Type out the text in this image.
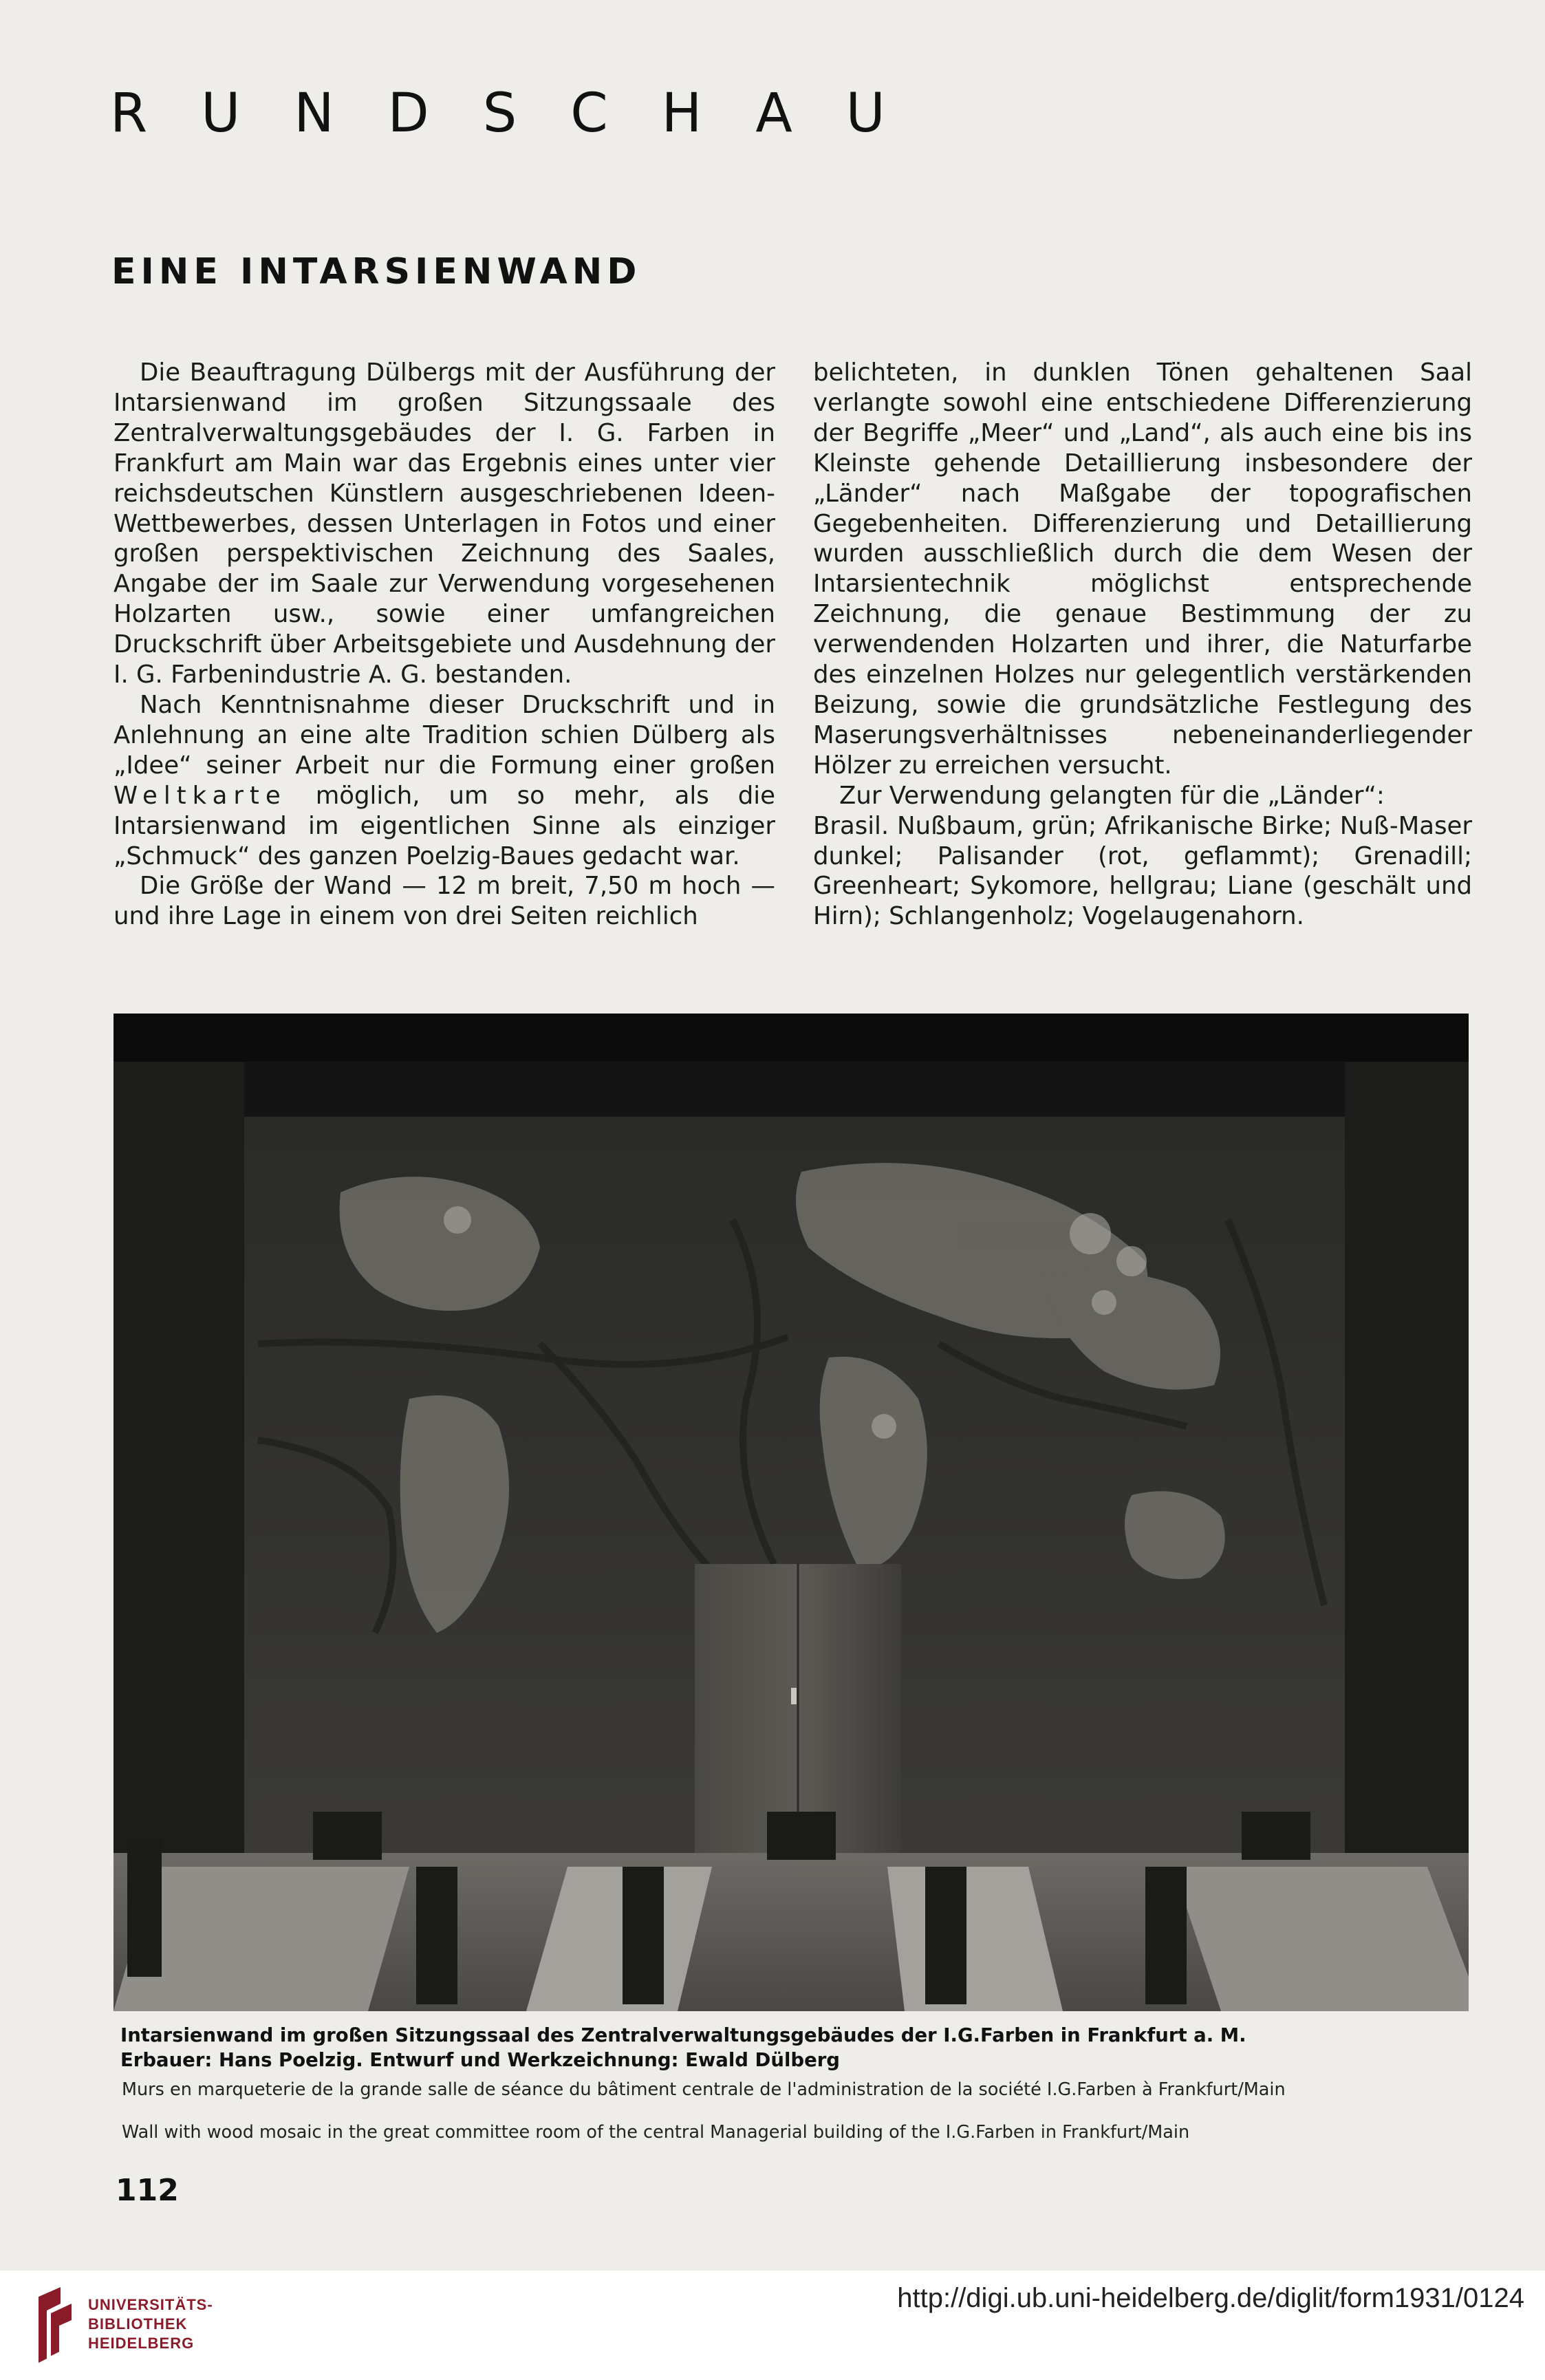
RUNDSCHAU
EINE INTARSIENWAND

Die Beauftragung Dülbergs mit der Ausführung der Intarsienwand im großen Sitzungssaale des Zentralverwaltungsgebäudes der I. G. Farben in Frankfurt am Main war das Ergebnis eines unter vier reichsdeutschen Künstlern ausgeschriebenen Ideen-Wettbewerbes, dessen Unterlagen in Fotos und einer großen perspektivischen Zeichnung des Saales, Angabe der im Saale zur Verwendung vorgesehenen Holzarten usw., sowie einer umfangreichen Druckschrift über Arbeitsgebiete und Ausdehnung der I. G. Farbenindustrie A. G. bestanden.

Nach Kenntnisnahme dieser Druckschrift und in Anlehnung an eine alte Tradition schien Dülberg als „Idee“ seiner Arbeit nur die Formung einer großen Weltkarte möglich, um so mehr, als die Intarsienwand im eigentlichen Sinne als einziger „Schmuck“ des ganzen Poelzig-Baues gedacht war.

Die Größe der Wand — 12 m breit, 7,50 m hoch — und ihre Lage in einem von drei Seiten reichlich

belichteten, in dunklen Tönen gehaltenen Saal verlangte sowohl eine entschiedene Differenzierung der Begriffe „Meer“ und „Land“, als auch eine bis ins Kleinste gehende Detaillierung insbesondere der „Länder“ nach Maßgabe der topografischen Gegebenheiten. Differenzierung und Detaillierung wurden ausschließlich durch die dem Wesen der Intarsientechnik möglichst entsprechende Zeichnung, die genaue Bestimmung der zu verwendenden Holzarten und ihrer, die Naturfarbe des einzelnen Holzes nur gelegentlich verstärkenden Beizung, sowie die grundsätzliche Festlegung des Maserungsverhältnisses nebeneinanderliegender Hölzer zu erreichen versucht.

Zur Verwendung gelangten für die „Länder“:

Brasil. Nußbaum, grün; Afrikanische Birke; Nuß-Maser dunkel; Palisander (rot, geflammt); Grenadill; Greenheart; Sykomore, hellgrau; Liane (geschält und Hirn); Schlangenholz; Vogelaugenahorn.

Intarsienwand im großen Sitzungssaal des Zentralverwaltungsgebäudes der I.G.Farben in Frankfurt a. M.
Erbauer: Hans Poelzig. Entwurf und Werkzeichnung: Ewald Dülberg
Murs en marqueterie de la grande salle de séance du bâtiment centrale de l'administration de la société I.G.Farben à Frankfurt/Main
Wall with wood mosaic in the great committee room of the central Managerial building of the I.G.Farben in Frankfurt/Main
112
UNIVERSITÄTS-
BIBLIOTHEK
HEIDELBERG
http://digi.ub.uni-heidelberg.de/diglit/form1931/0124
